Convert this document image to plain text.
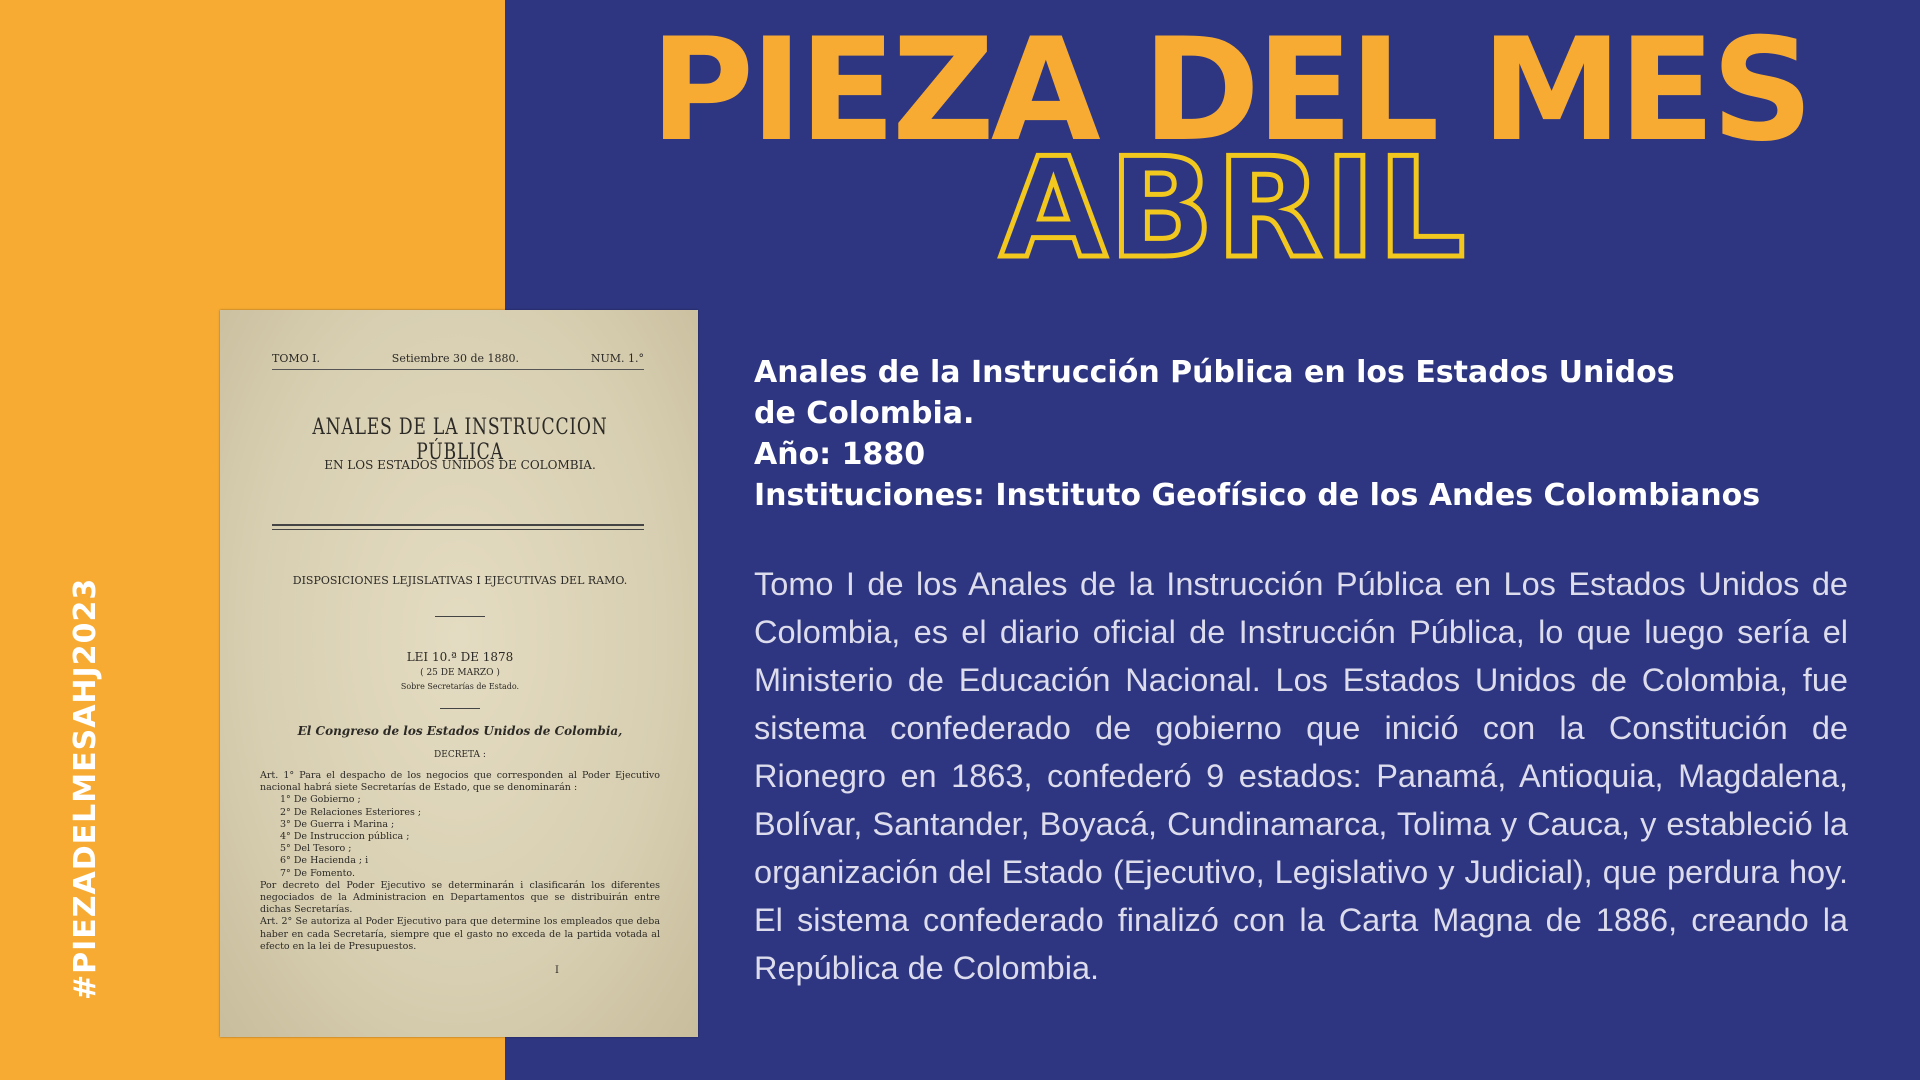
#PIEZADELMESAHJ2023
PIEZA DEL MES
ABRIL
TOMO I.	Setiembre 30 de 1880.	NUM. 1.°
ANALES DE LA INSTRUCCION PÚBLICA
EN LOS ESTADOS UNIDOS DE COLOMBIA.
DISPOSICIONES LEJISLATIVAS I EJECUTIVAS DEL RAMO.
LEI 10.ª DE 1878
( 25 DE MARZO )
Sobre Secretarías de Estado.
El Congreso de los Estados Unidos de Colombia,
DECRETA :
Art. 1° Para el despacho de los negocios que corresponden al Poder Ejecutivo nacional habrá siete Secretarías de Estado, que se denominarán :
1° De Gobierno ;
2° De Relaciones Esteriores ;
3° De Guerra i Marina ;
4° De Instruccion pública ;
5° Del Tesoro ;
6° De Hacienda ; i
7° De Fomento.
Por decreto del Poder Ejecutivo se determinarán i clasificarán los diferentes negociados de la Administracion en Departamentos que se distribuirán entre dichas Secretarías.
Art. 2° Se autoriza al Poder Ejecutivo para que determine los empleados que deba haber en cada Secretaría, siempre que el gasto no exceda de la partida votada al efecto en la lei de Presupuestos.
I
Anales de la Instrucción Pública en los Estados Unidos
de Colombia.
Año: 1880
Instituciones: Instituto Geofísico de los Andes Colombianos
Tomo I de los Anales de la Instrucción Pública en Los Estados Unidos de Colombia, es el diario oficial de Instrucción Pública, lo que luego sería el Ministerio de Educación Nacional. Los Estados Unidos de Colombia, fue sistema confederado de gobierno que inició con la Constitución de Rionegro en 1863, confederó 9 estados: Panamá, Antioquia, Magdalena, Bolívar, Santander, Boyacá, Cundinamarca, Tolima y Cauca, y estableció la organización del Estado (Ejecutivo, Legislativo y Judicial), que perdura hoy. El sistema confederado finalizó con la Carta Magna de 1886, creando la República de Colombia.
